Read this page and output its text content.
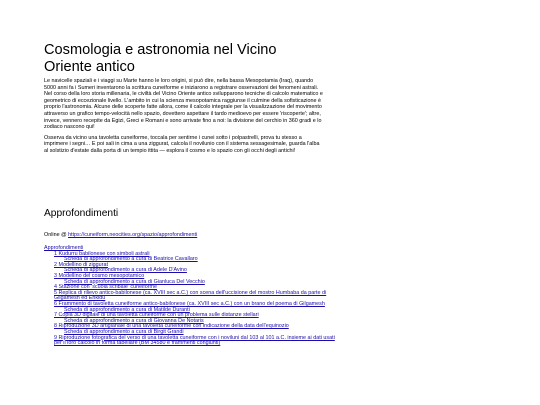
Cosmologia e astronomia nel Vicino Oriente antico

Le navicelle spaziali e i viaggi su Marte hanno le loro origini, si può dire, nella bassa Mesopotamia (Iraq), quando 5000 anni fa i Sumeri inventarono la scrittura cuneiforme e iniziarono a registrare osservazioni dei fenomeni astrali. Nel corso della loro storia millenaria, le civiltà del Vicino Oriente antico svilupparono tecniche di calcolo matematico e geometrico di eccezionale livello. L'ambito in cui la scienza mesopotamica raggiunse il culmine della sofisticazione è proprio l'astronomia. Alcune delle scoperte fatte allora, come il calcolo integrale per la visualizzazione del movimento attraverso un grafico tempo-velocità nello spazio, dovettero aspettare il tardo medioevo per essere 'riscoperte'; altre, invece, vennero recepite da Egizi, Greci e Romani e sono arrivate fino a noi: la divisione del cerchio in 360 gradi e lo zodiaco nascono qui!

Osserva da vicino una tavoletta cuneiforme, toccala per sentirne i cunei sotto i polpastrelli, prova tu stesso a imprimere i segni… E poi sali in cima a una ziggurat, calcola il novilunio con il sistema sessagesimale, guarda l'alba al solstizio d'estate dalla porta di un tempio ittita — esplora il cosmo e lo spazio con gli occhi degli antichi!

Approfondimenti
Online @ https://cuneiform.neocities.org/spazio/approfondimenti
Approfondimenti
1 Kudurru babilonese con simboli astrali
Scheda di approfondimento a cura di Beatrice Cavallaro
2 Modellino di ziggurat
Scheda di approfondimento a cura di Adele D'Avino
3 Modellino del cosmo mesopotamico
Scheda di approfondimento a cura di Gianluca Del Vecchio
4 Stazione con 'scuola scribale' cuneiforme
5 Replica di rilievo antico-babilonese (ca. XVIII sec a.C.) con scena dell'uccisione del mostro Humbaba da parte di Gilgamesh ed Enkidu
6 Frammento di tavoletta cuneiforme antico-babilonese (ca. XVIII sec a.C.) con un brano del poema di Gilgamesh
Scheda di approfondimento a cura di Matilde Duranti
7 Copia 3D digitale di una tavoletta cuneiforme con un problema sulle distanze stellari
Scheda di approfondimento a cura di Giovanna De Notaris
8 Riproduzione 3D artigianale di una tavoletta cuneiforme con indicazione della data dell'equinozio
Scheda di approfondimento a cura di Birgit Grandi
9 Riproduzione fotografica del verso di una tavoletta cuneiforme con i noviluni dal 103 al 101 a.C. insieme ai dati usati per il loro calcolo in forma tabellare (BM 34580 e frammenti congiunti)
